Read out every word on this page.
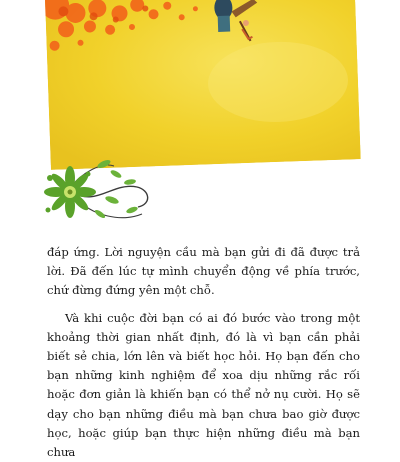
đáp ứng. Lời nguyện cầu mà bạn gửi đi đã được trả lời. Đã đến lúc tự mình chuyển động về phía trước, chứ đừng đứng yên một chỗ.

Và khi cuộc đời bạn có ai đó bước vào trong một khoảng thời gian nhất định, đó là vì bạn cần phải biết sẻ chia, lớn lên và biết học hỏi. Họ bạn đến cho bạn những kinh nghiệm để xoa dịu những rắc rối hoặc đơn giản là khiến bạn có thể nở nụ cười. Họ sẽ dạy cho bạn những điều mà bạn chưa bao giờ được học, hoặc giúp bạn thực hiện những điều mà bạn chưa
